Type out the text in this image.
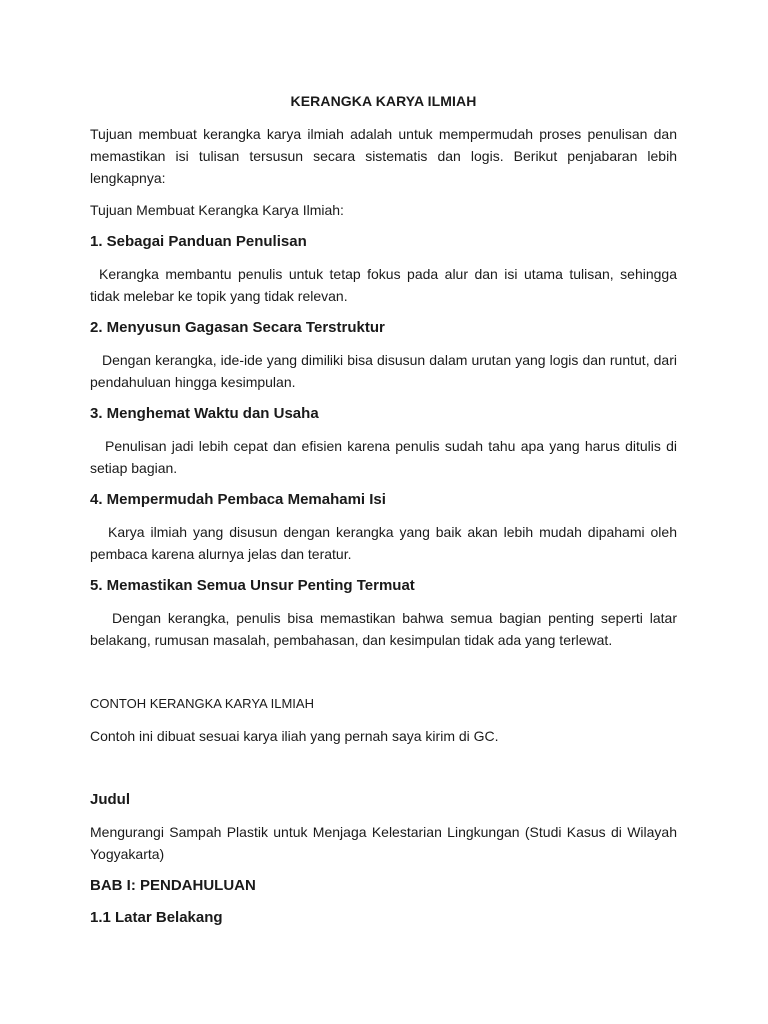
KERANGKA KARYA ILMIAH

Tujuan membuat kerangka karya ilmiah adalah untuk mempermudah proses penulisan dan memastikan isi tulisan tersusun secara sistematis dan logis. Berikut penjabaran lebih lengkapnya:

Tujuan Membuat Kerangka Karya Ilmiah:

1. Sebagai Panduan Penulisan

Kerangka membantu penulis untuk tetap fokus pada alur dan isi utama tulisan, sehingga tidak melebar ke topik yang tidak relevan.

2. Menyusun Gagasan Secara Terstruktur

Dengan kerangka, ide-ide yang dimiliki bisa disusun dalam urutan yang logis dan runtut, dari pendahuluan hingga kesimpulan.

3. Menghemat Waktu dan Usaha

Penulisan jadi lebih cepat dan efisien karena penulis sudah tahu apa yang harus ditulis di setiap bagian.

4. Mempermudah Pembaca Memahami Isi

Karya ilmiah yang disusun dengan kerangka yang baik akan lebih mudah dipahami oleh pembaca karena alurnya jelas dan teratur.

5. Memastikan Semua Unsur Penting Termuat

Dengan kerangka, penulis bisa memastikan bahwa semua bagian penting seperti latar belakang, rumusan masalah, pembahasan, dan kesimpulan tidak ada yang terlewat.

CONTOH KERANGKA KARYA ILMIAH

Contoh ini dibuat sesuai karya iliah yang pernah saya kirim di GC.

Judul

Mengurangi Sampah Plastik untuk Menjaga Kelestarian Lingkungan (Studi Kasus di Wilayah Yogyakarta)

BAB I: PENDAHULUAN
1.1 Latar Belakang
